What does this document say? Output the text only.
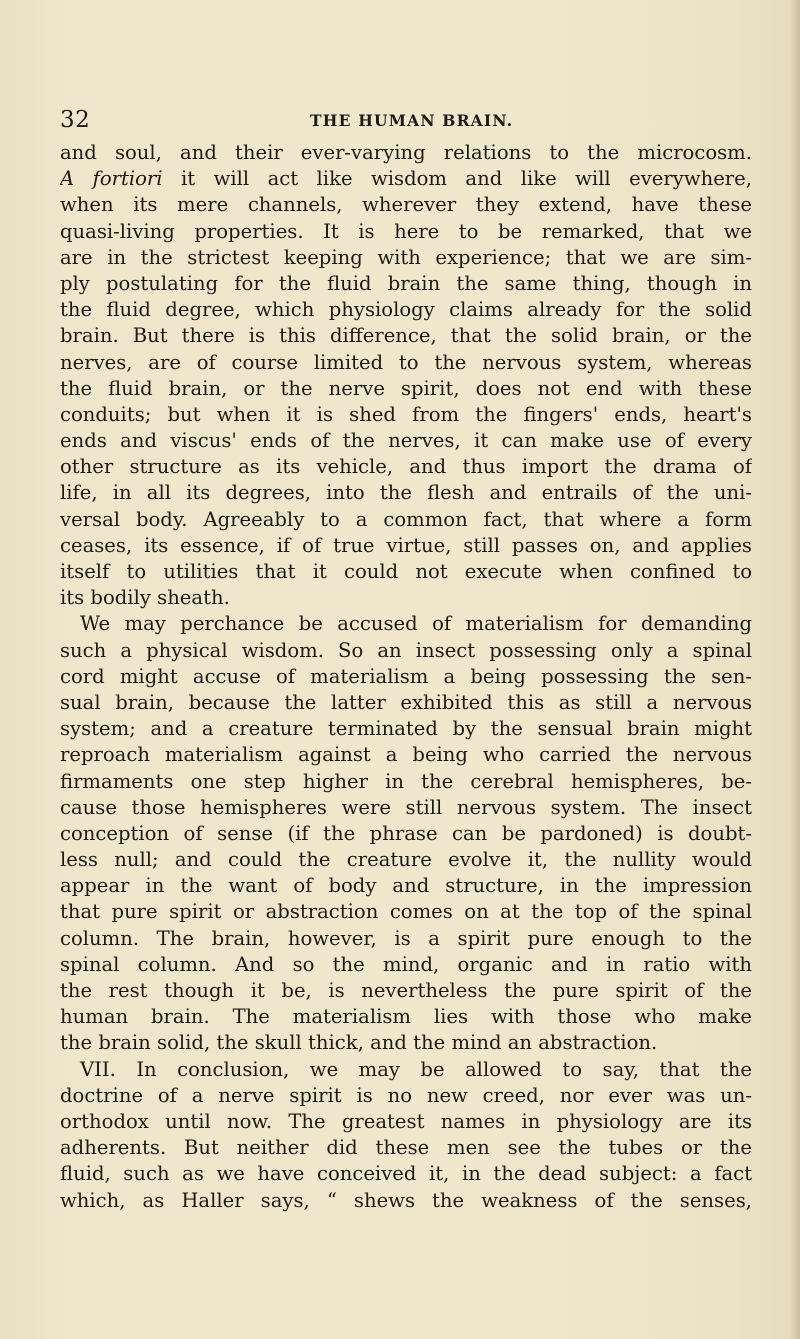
32	THE HUMAN BRAIN.
and soul, and their ever-varying relations to the microcosm.
A fortiori it will act like wisdom and like will everywhere,
when its mere channels, wherever they extend, have these
quasi-living properties. It is here to be remarked, that we
are in the strictest keeping with experience; that we are sim-
ply postulating for the fluid brain the same thing, though in
the fluid degree, which physiology claims already for the solid
brain. But there is this difference, that the solid brain, or the
nerves, are of course limited to the nervous system, whereas
the fluid brain, or the nerve spirit, does not end with these
conduits; but when it is shed from the fingers' ends, heart's
ends and viscus' ends of the nerves, it can make use of every
other structure as its vehicle, and thus import the drama of
life, in all its degrees, into the flesh and entrails of the uni-
versal body. Agreeably to a common fact, that where a form
ceases, its essence, if of true virtue, still passes on, and applies
itself to utilities that it could not execute when confined to
its bodily sheath.
We may perchance be accused of materialism for demanding
such a physical wisdom. So an insect possessing only a spinal
cord might accuse of materialism a being possessing the sen-
sual brain, because the latter exhibited this as still a nervous
system; and a creature terminated by the sensual brain might
reproach materialism against a being who carried the nervous
firmaments one step higher in the cerebral hemispheres, be-
cause those hemispheres were still nervous system. The insect
conception of sense (if the phrase can be pardoned) is doubt-
less null; and could the creature evolve it, the nullity would
appear in the want of body and structure, in the impression
that pure spirit or abstraction comes on at the top of the spinal
column. The brain, however, is a spirit pure enough to the
spinal column. And so the mind, organic and in ratio with
the rest though it be, is nevertheless the pure spirit of the
human brain. The materialism lies with those who make
the brain solid, the skull thick, and the mind an abstraction.
VII. In conclusion, we may be allowed to say, that the
doctrine of a nerve spirit is no new creed, nor ever was un-
orthodox until now. The greatest names in physiology are its
adherents. But neither did these men see the tubes or the
fluid, such as we have conceived it, in the dead subject: a fact
which, as Haller says, “ shews the weakness of the senses,
